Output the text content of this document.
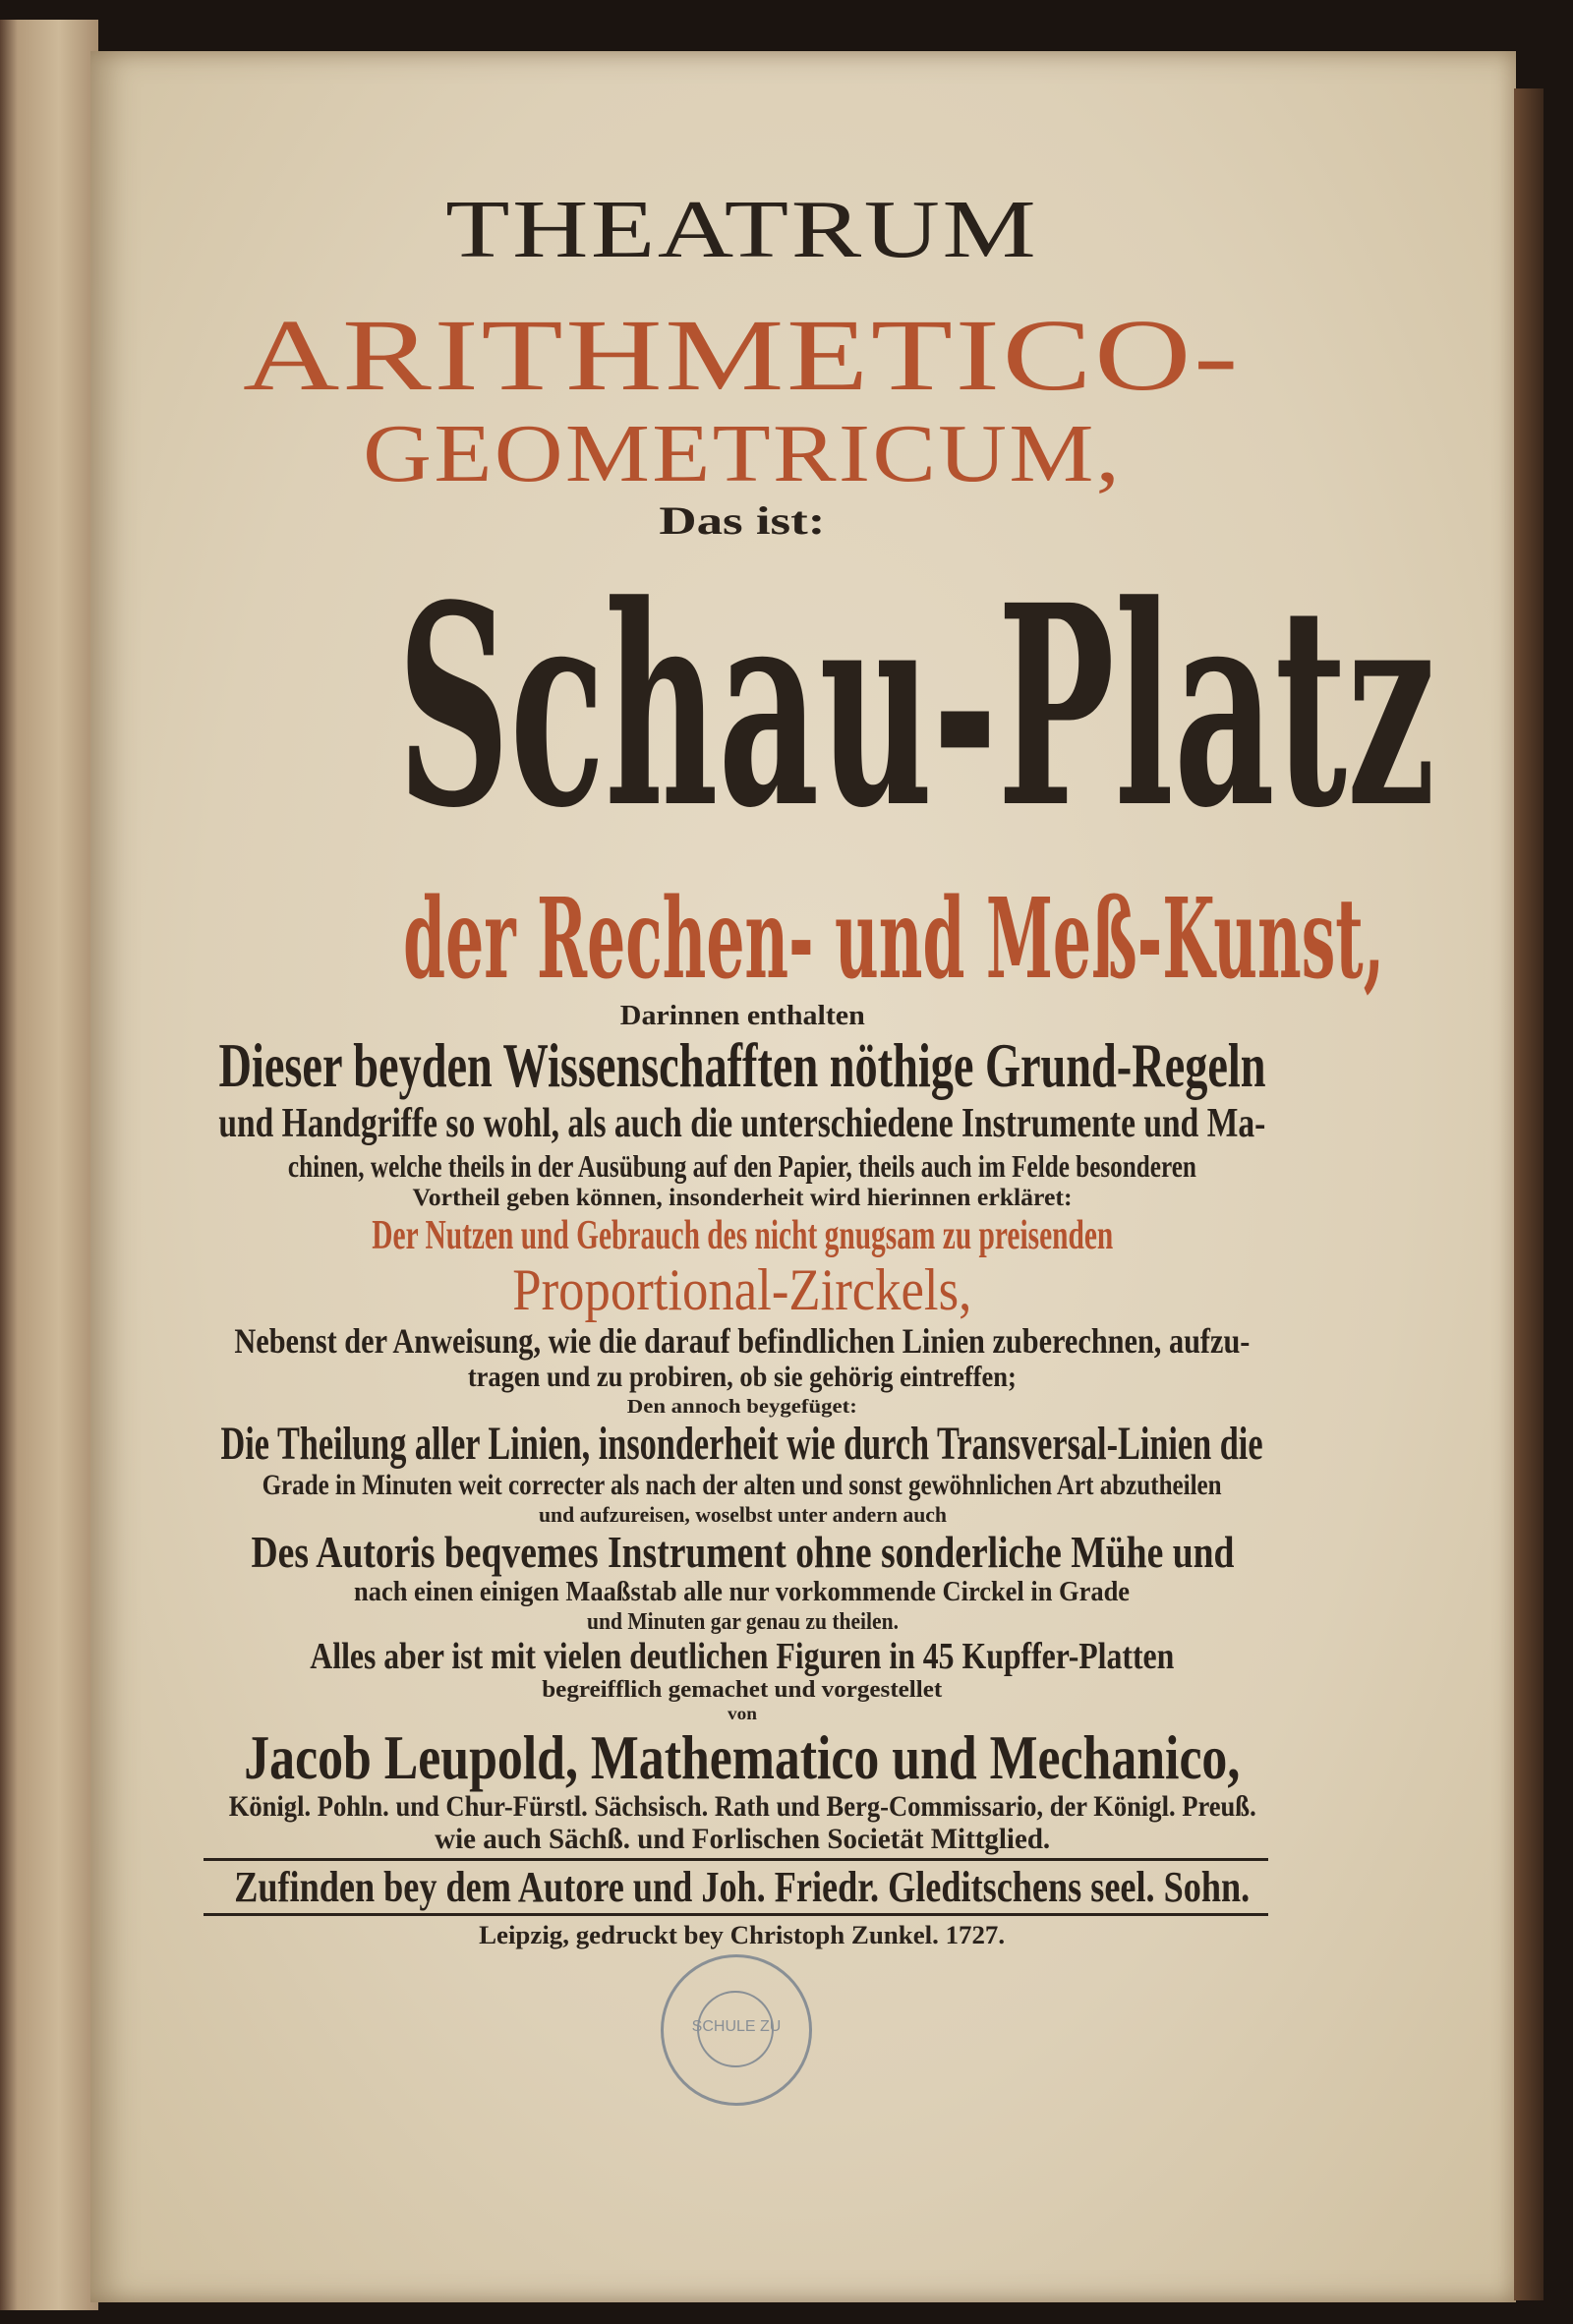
THEATRUM
ARITHMETICO-
GEOMETRICUM,
Das ist:
Schau-Platz
der Rechen- und Meß-Kunst,
Darinnen enthalten
Dieser beyden Wissenschafften nöthige Grund-Regeln
und Handgriffe so wohl, als auch die unterschiedene Instrumente und Ma-
chinen, welche theils in der Ausübung auf den Papier, theils auch im Felde besonderen
Vortheil geben können, insonderheit wird hierinnen erkläret:
Der Nutzen und Gebrauch des nicht gnugsam zu preisenden
Proportional-Zirckels,
Nebenst der Anweisung, wie die darauf befindlichen Linien zuberechnen, aufzu-
tragen und zu probiren, ob sie gehörig eintreffen;
Den annoch beygefüget:
Die Theilung aller Linien, insonderheit wie durch Transversal-Linien die
Grade in Minuten weit correcter als nach der alten und sonst gewöhnlichen Art abzutheilen
und aufzureisen, woselbst unter andern auch
Des Autoris beqvemes Instrument ohne sonderliche Mühe und
nach einen einigen Maaßstab alle nur vorkommende Circkel in Grade
und Minuten gar genau zu theilen.
Alles aber ist mit vielen deutlichen Figuren in 45 Kupffer-Platten
begreifflich gemachet und vorgestellet
von
Jacob Leupold, Mathematico und Mechanico,
Königl. Pohln. und Chur-Fürstl. Sächsisch. Rath und Berg-Commissario, der Königl. Preuß.
wie auch Sächß. und Forlischen Societät Mittglied.
Zufinden bey dem Autore und Joh. Friedr. Gleditschens seel. Sohn.
Leipzig, gedruckt bey Christoph Zunkel. 1727.
SCHULE ZU
